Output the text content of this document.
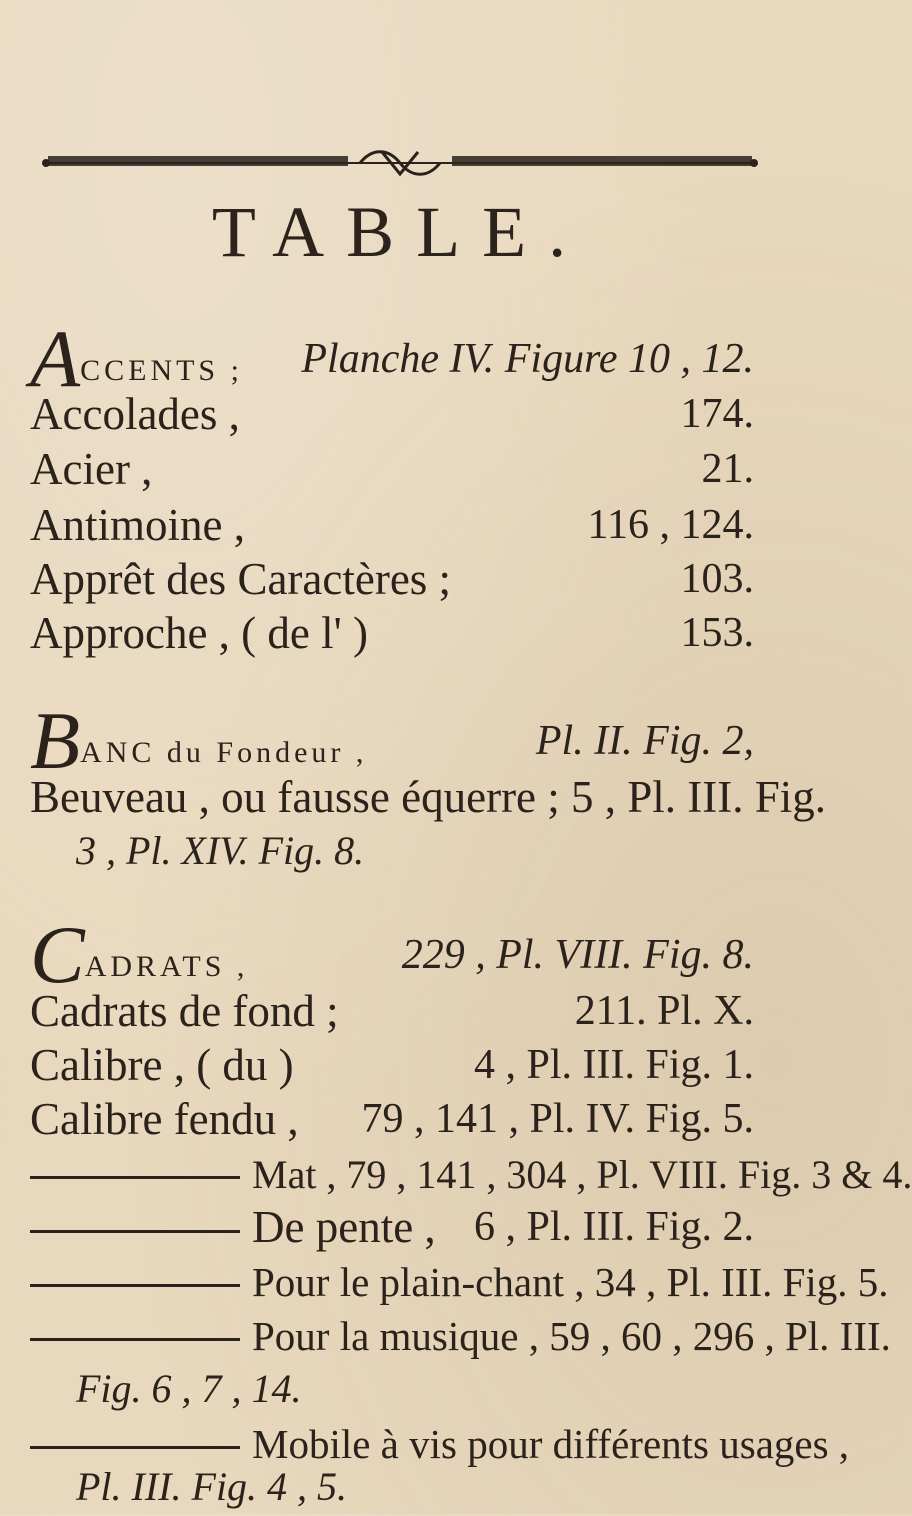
TABLE.
ACCENTS ; Planche IV. Figure 10 , 12.
Accolades ,	174.
Acier ,	21.
Antimoine ,	116 , 124.
Apprêt des Caractères ;	103.
Approche , ( de l' )	153.
BANC du Fondeur ,	Pl. II. Fig. 2,
Beuveau , ou fausse équerre ; 5 , Pl. III. Fig.
3 , Pl. XIV. Fig. 8.
CADRATS ,	229 , Pl. VIII. Fig. 8.
Cadrats de fond ;	211. Pl. X.
Calibre , ( du )	4 , Pl. III. Fig. 1.
Calibre fendu , 79 , 141 , Pl. IV. Fig. 5.
Mat , 79 , 141 , 304 , Pl. VIII. Fig. 3 & 4.
De pente , 6 , Pl. III. Fig. 2.
Pour le plain-chant , 34 , Pl. III. Fig. 5.
Pour la musique , 59 , 60 , 296 , Pl. III.
Fig. 6 , 7 , 14.
Mobile à vis pour différents usages ,
Pl. III. Fig. 4 , 5.
